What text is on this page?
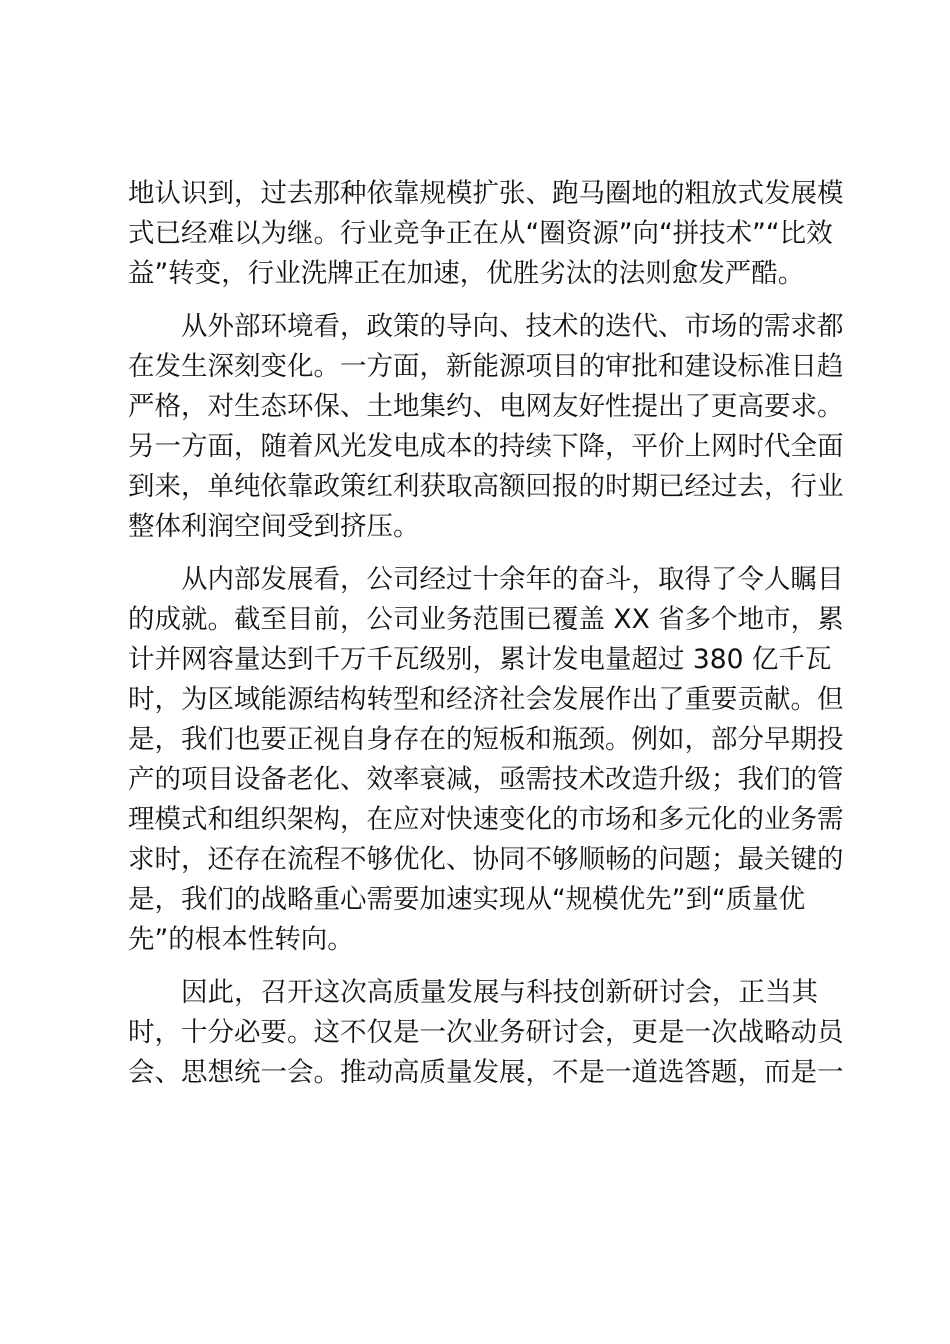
地认识到，过去那种依靠规模扩张、跑马圈地的粗放式发展模
式已经难以为继。行业竞争正在从“圈资源”向“拼技术”“比效
益”转变，行业洗牌正在加速，优胜劣汰的法则愈发严酷。
从外部环境看，政策的导向、技术的迭代、市场的需求都
在发生深刻变化。一方面，新能源项目的审批和建设标准日趋
严格，对生态环保、土地集约、电网友好性提出了更高要求。
另一方面，随着风光发电成本的持续下降，平价上网时代全面
到来，单纯依靠政策红利获取高额回报的时期已经过去，行业
整体利润空间受到挤压。
从内部发展看，公司经过十余年的奋斗，取得了令人瞩目
的成就。截至目前，公司业务范围已覆盖 XX 省多个地市，累
计并网容量达到千万千瓦级别，累计发电量超过 380 亿千瓦
时，为区域能源结构转型和经济社会发展作出了重要贡献。但
是，我们也要正视自身存在的短板和瓶颈。例如，部分早期投
产的项目设备老化、效率衰减，亟需技术改造升级；我们的管
理模式和组织架构，在应对快速变化的市场和多元化的业务需
求时，还存在流程不够优化、协同不够顺畅的问题；最关键的
是，我们的战略重心需要加速实现从“规模优先”到“质量优
先”的根本性转向。
因此，召开这次高质量发展与科技创新研讨会，正当其
时，十分必要。这不仅是一次业务研讨会，更是一次战略动员
会、思想统一会。推动高质量发展，不是一道选答题，而是一
